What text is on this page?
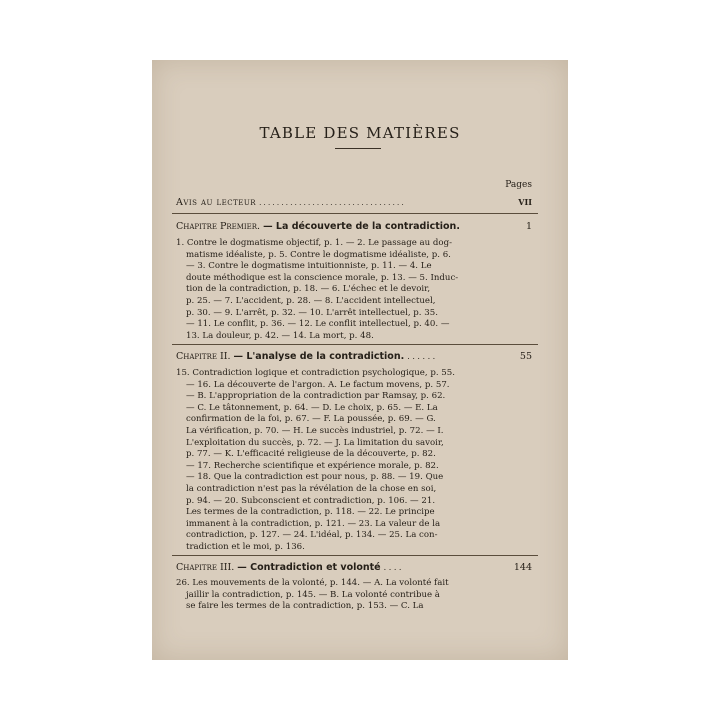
TABLE DES MATIÈRES
Pages
Avis au lecteur . . . . . . . . . . . . . . . . . . . . . . . . . . . . . . . . .	VII
Chapitre Premier. — La découverte de la contradiction.	1
1. Contre le dogmatisme objectif, p. 1. — 2. Le passage au dog-
matisme idéaliste, p. 5. Contre le dogmatisme idéaliste, p. 6.
— 3. Contre le dogmatisme intuitionniste, p. 11. — 4. Le
doute méthodique est la conscience morale, p. 13. — 5. Induc-
tion de la contradiction, p. 18. — 6. L'échec et le devoir,
p. 25. — 7. L'accident, p. 28. — 8. L'accident intellectuel,
p. 30. — 9. L'arrêt, p. 32. — 10. L'arrêt intellectuel, p. 35.
— 11. Le conflit, p. 36. — 12. Le conflit intellectuel, p. 40. —
13. La douleur, p. 42. — 14. La mort, p. 48.
Chapitre II. — L'analyse de la contradiction. . . . . . .	55
15. Contradiction logique et contradiction psychologique, p. 55.
— 16. La découverte de l'argon. A. Le factum movens, p. 57.
— B. L'appropriation de la contradiction par Ramsay, p. 62.
— C. Le tâtonnement, p. 64. — D. Le choix, p. 65. — E. La
confirmation de la foi, p. 67. — F. La poussée, p. 69. — G.
La vérification, p. 70. — H. Le succès industriel, p. 72. — I.
L'exploitation du succès, p. 72. — J. La limitation du savoir,
p. 77. — K. L'efficacité religieuse de la découverte, p. 82.
— 17. Recherche scientifique et expérience morale, p. 82.
— 18. Que la contradiction est pour nous, p. 88. — 19. Que
la contradiction n'est pas la révélation de la chose en soi,
p. 94. — 20. Subconscient et contradiction, p. 106. — 21.
Les termes de la contradiction, p. 118. — 22. Le principe
immanent à la contradiction, p. 121. — 23. La valeur de la
contradiction, p. 127. — 24. L'idéal, p. 134. — 25. La con-
tradiction et le moi, p. 136.
Chapitre III. — Contradiction et volonté . . . .	144
26. Les mouvements de la volonté, p. 144. — A. La volonté fait
jaillir la contradiction, p. 145. — B. La volonté contribue à
se faire les termes de la contradiction, p. 153. — C. La
